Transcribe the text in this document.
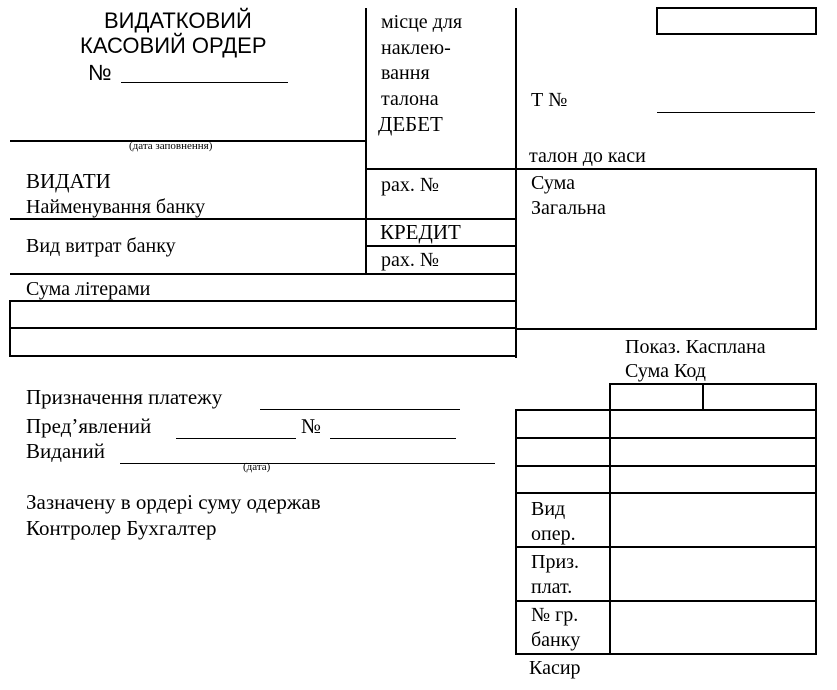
ВИДАТКОВИЙ
КАСОВИЙ ОРДЕР
№
(дата заповнення)
місце для
наклею-
вання
талона
ДЕБЕТ
рах. №
КРЕДИТ
рах. №
ВИДАТИ
Найменування банку
Вид витрат банку
Сума літерами
Т №
талон до каси
Сума
Загальна
Призначення платежу
Пред’явлений	№
Виданий
(дата)
Зазначену в ордері суму одержав
Контролер Бухгалтер
Показ. Касплана
Сума Код
Вид
опер.
Приз.
плат.
№ гр.
банку
Касир
